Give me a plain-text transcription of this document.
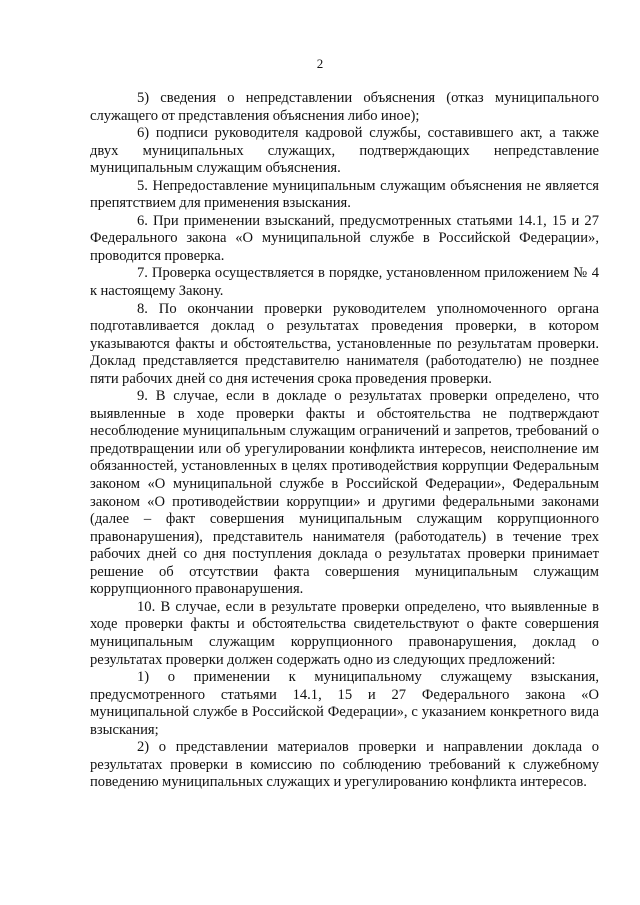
2

5) сведения о непредставлении объяснения (отказ муниципального служащего от представления объяснения либо иное);

6) подписи руководителя кадровой службы, составившего акт, а также двух муниципальных служащих, подтверждающих непредставление муниципальным служащим объяснения.

5. Непредоставление муниципальным служащим объяснения не является препятствием для применения взыскания.

6. При применении взысканий, предусмотренных статьями 14.1, 15 и 27 Федерального закона «О муниципальной службе в Российской Федерации», проводится проверка.

7. Проверка осуществляется в порядке, установленном приложением № 4 к настоящему Закону.

8. По окончании проверки руководителем уполномоченного органа подготавливается доклад о результатах проведения проверки, в котором указываются факты и обстоятельства, установленные по результатам проверки. Доклад представляется представителю нанимателя (работодателю) не позднее пяти рабочих дней со дня истечения срока проведения проверки.

9. В случае, если в докладе о результатах проверки определено, что выявленные в ходе проверки факты и обстоятельства не подтверждают несоблюдение муниципальным служащим ограничений и запретов, требований о предотвращении или об урегулировании конфликта интересов, неисполнение им обязанностей, установленных в целях противодействия коррупции Федеральным законом «О муниципальной службе в Российской Федерации», Федеральным законом «О противодействии коррупции» и другими федеральными законами (далее – факт совершения муниципальным служащим коррупционного правонарушения), представитель нанимателя (работодатель) в течение трех рабочих дней со дня поступления доклада о результатах проверки принимает решение об отсутствии факта совершения муниципальным служащим коррупционного правонарушения.

10. В случае, если в результате проверки определено, что выявленные в ходе проверки факты и обстоятельства свидетельствуют о факте совершения муниципальным служащим коррупционного правонарушения, доклад о результатах проверки должен содержать одно из следующих предложений:

1) о применении к муниципальному служащему взыскания, предусмотренного статьями 14.1, 15 и 27 Федерального закона «О муниципальной службе в Российской Федерации», с указанием конкретного вида взыскания;

2) о представлении материалов проверки и направлении доклада о результатах проверки в комиссию по соблюдению требований к служебному поведению муниципальных служащих и урегулированию конфликта интересов.
